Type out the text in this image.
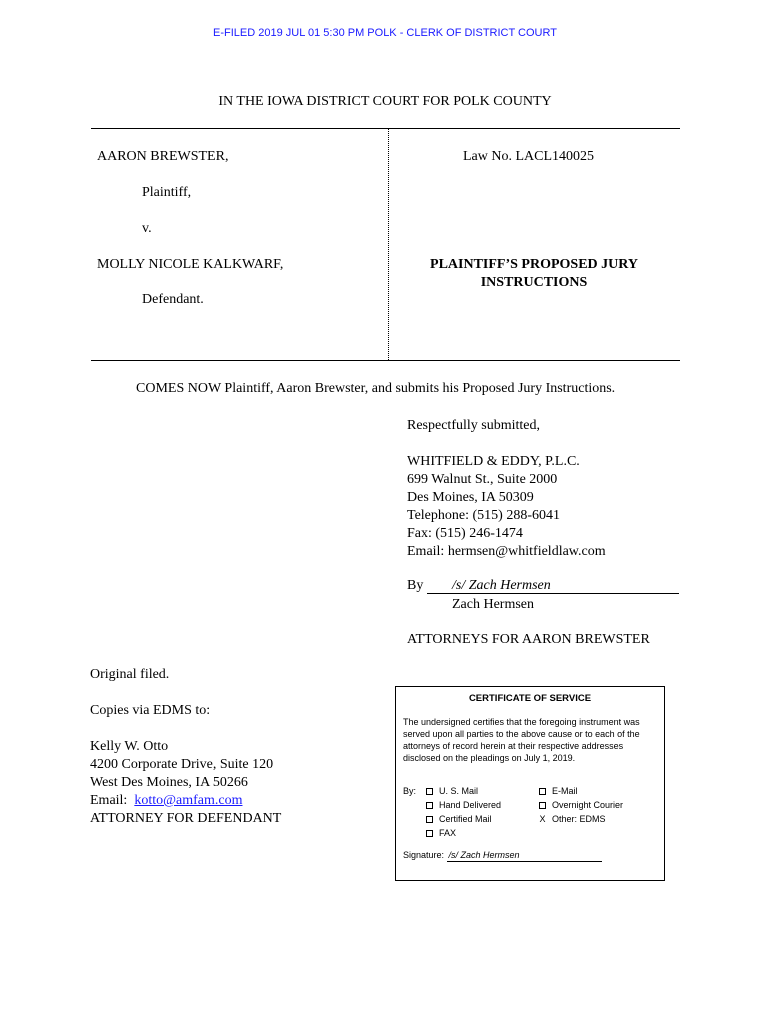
E-FILED 2019 JUL 01 5:30 PM POLK - CLERK OF DISTRICT COURT
IN THE IOWA DISTRICT COURT FOR POLK COUNTY
AARON BREWSTER,
Plaintiff,
v.
MOLLY NICOLE KALKWARF,
Defendant.
Law No. LACL140025
PLAINTIFF’S PROPOSED JURY
INSTRUCTIONS
COMES NOW Plaintiff, Aaron Brewster, and submits his Proposed Jury Instructions.
Respectfully submitted,
WHITFIELD & EDDY, P.L.C.
699 Walnut St., Suite 2000
Des Moines, IA 50309
Telephone: (515) 288-6041
Fax: (515) 246-1474
Email: hermsen@whitfieldlaw.com
By	/s/ Zach Hermsen
Zach Hermsen
ATTORNEYS FOR AARON BREWSTER
Original filed.
Copies via EDMS to:
Kelly W. Otto
4200 Corporate Drive, Suite 120
West Des Moines, IA 50266
Email: kotto@amfam.com
ATTORNEY FOR DEFENDANT
CERTIFICATE OF SERVICE
The undersigned certifies that the foregoing instrument was served upon all parties to the above cause or to each of the attorneys of record herein at their respective addresses disclosed on the pleadings on July 1, 2019.
By:	U. S. Mail
Hand Delivered
Certified Mail
FAX
E-Mail
Overnight Courier
X Other: EDMS
Signature: /s/ Zach Hermsen
